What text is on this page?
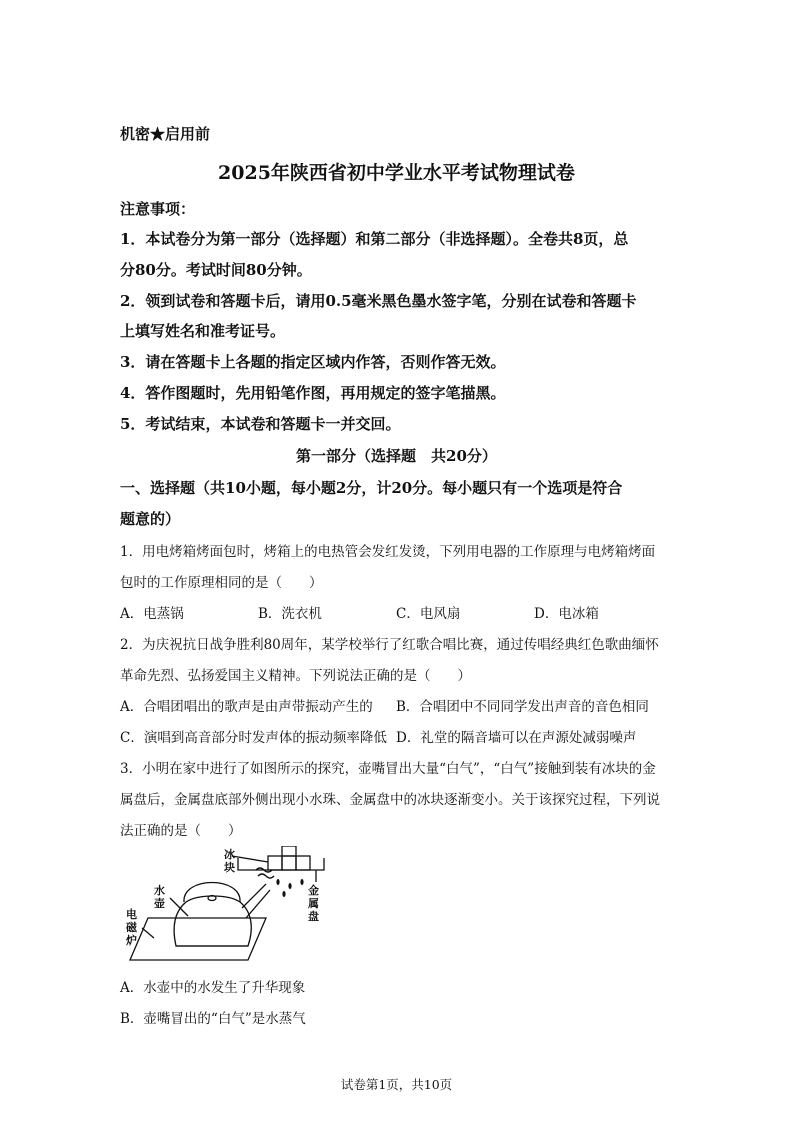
机密★启用前
2025年陕西省初中学业水平考试物理试卷
注意事项：
1．本试卷分为第一部分（选择题）和第二部分（非选择题）。全卷共8页，总
分80分。考试时间80分钟。
2．领到试卷和答题卡后，请用0.5毫米黑色墨水签字笔，分别在试卷和答题卡
上填写姓名和准考证号。
3．请在答题卡上各题的指定区域内作答，否则作答无效。
4．答作图题时，先用铅笔作图，再用规定的签字笔描黑。
5．考试结束，本试卷和答题卡一并交回。
第一部分（选择题　共20分）
一、选择题（共10小题，每小题2分，计20分。每小题只有一个选项是符合
题意的）
1．用电烤箱烤面包时，烤箱上的电热管会发红发烫，下列用电器的工作原理与电烤箱烤面
包时的工作原理相同的是（　　）
A．电蒸锅	B．洗衣机	C．电风扇	D．电冰箱
2．为庆祝抗日战争胜利80周年，某学校举行了红歌合唱比赛，通过传唱经典红色歌曲缅怀
革命先烈、弘扬爱国主义精神。下列说法正确的是（　　）
A．合唱团唱出的歌声是由声带振动产生的 B．合唱团中不同同学发出声音的音色相同
C．演唱到高音部分时发声体的振动频率降低 D．礼堂的隔音墙可以在声源处减弱噪声
3．小明在家中进行了如图所示的探究，壶嘴冒出大量“白气”，“白气”接触到装有冰块的金
属盘后，金属盘底部外侧出现小水珠、金属盘中的冰块逐渐变小。关于该探究过程，下列说
法正确的是（　　）
冰
块
水
壶
电
磁
炉
金
属
盘
A．水壶中的水发生了升华现象
B．壶嘴冒出的“白气”是水蒸气
试卷第1页，共10页
